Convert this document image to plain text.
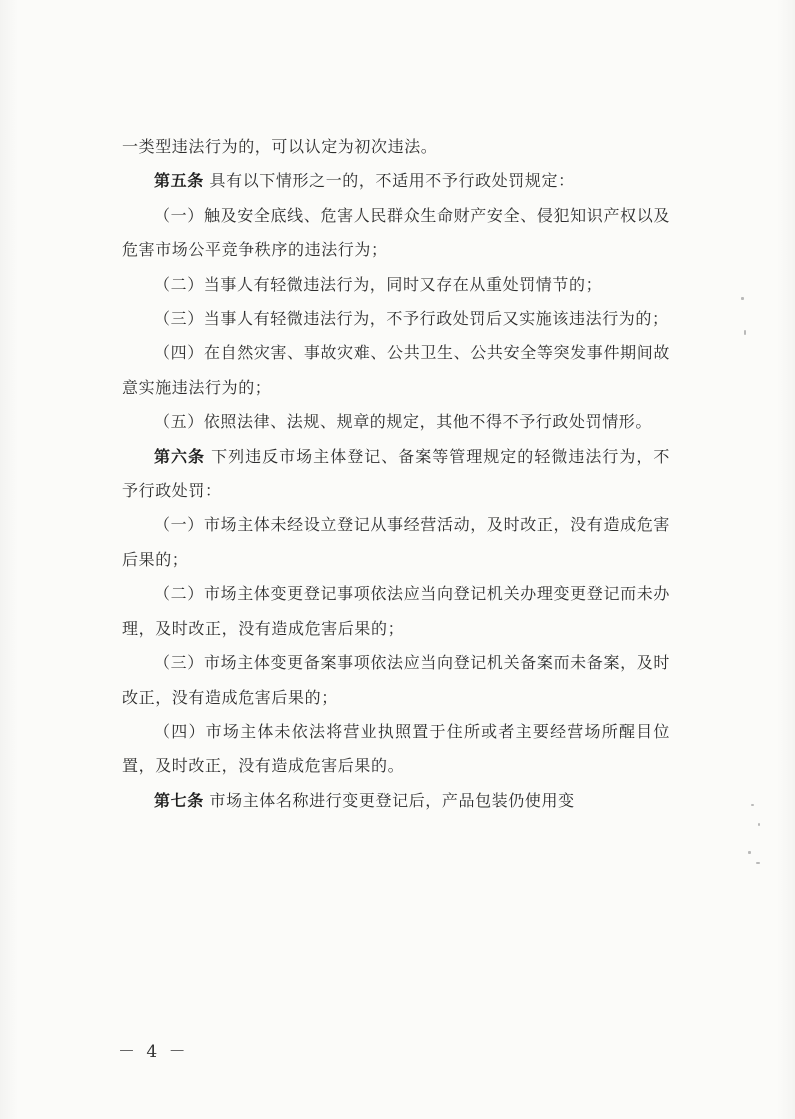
一类型违法行为的，可以认定为初次违法。

第五条 具有以下情形之一的，不适用不予行政处罚规定：

（一）触及安全底线、危害人民群众生命财产安全、侵犯知识产权以及危害市场公平竞争秩序的违法行为；

（二）当事人有轻微违法行为，同时又存在从重处罚情节的；

（三）当事人有轻微违法行为，不予行政处罚后又实施该违法行为的；

（四）在自然灾害、事故灾难、公共卫生、公共安全等突发事件期间故意实施违法行为的；

（五）依照法律、法规、规章的规定，其他不得不予行政处罚情形。

第六条 下列违反市场主体登记、备案等管理规定的轻微违法行为，不予行政处罚：

（一）市场主体未经设立登记从事经营活动，及时改正，没有造成危害后果的；

（二）市场主体变更登记事项依法应当向登记机关办理变更登记而未办理，及时改正，没有造成危害后果的；

（三）市场主体变更备案事项依法应当向登记机关备案而未备案，及时改正，没有造成危害后果的；

（四）市场主体未依法将营业执照置于住所或者主要经营场所醒目位置，及时改正，没有造成危害后果的。

第七条 市场主体名称进行变更登记后，产品包装仍使用变

－ 4 －
